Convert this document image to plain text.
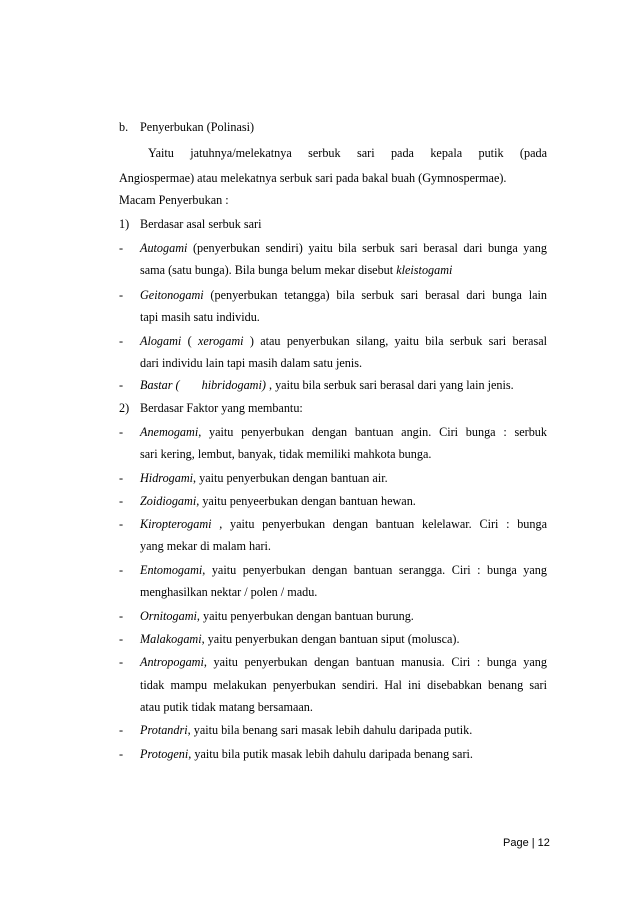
b. Penyerbukan (Polinasi)
Yaitu jatuhnya/melekatnya serbuk sari pada kepala putik (pada
Angiospermae) atau melekatnya serbuk sari pada bakal buah (Gymnospermae).
Macam Penyerbukan :
1) Berdasar asal serbuk sari
- Autogami (penyerbukan sendiri) yaitu bila serbuk sari berasal dari bunga yang
sama (satu bunga). Bila bunga belum mekar disebut kleistogami
- Geitonogami (penyerbukan tetangga) bila serbuk sari berasal dari bunga lain
tapi masih satu individu.
- Alogami ( xerogami ) atau penyerbukan silang, yaitu bila serbuk sari berasal
dari individu lain tapi masih dalam satu jenis.
- Bastar ( hibridogami) , yaitu bila serbuk sari berasal dari yang lain jenis.
2) Berdasar Faktor yang membantu:
- Anemogami, yaitu penyerbukan dengan bantuan angin. Ciri bunga : serbuk
sari kering, lembut, banyak, tidak memiliki mahkota bunga.
- Hidrogami, yaitu penyerbukan dengan bantuan air.
- Zoidiogami, yaitu penyeerbukan dengan bantuan hewan.
- Kiropterogami , yaitu penyerbukan dengan bantuan kelelawar. Ciri : bunga
yang mekar di malam hari.
- Entomogami, yaitu penyerbukan dengan bantuan serangga. Ciri : bunga yang
menghasilkan nektar / polen / madu.
- Ornitogami, yaitu penyerbukan dengan bantuan burung.
- Malakogami, yaitu penyerbukan dengan bantuan siput (molusca).
- Antropogami, yaitu penyerbukan dengan bantuan manusia. Ciri : bunga yang
tidak mampu melakukan penyerbukan sendiri. Hal ini disebabkan benang sari
atau putik tidak matang bersamaan.
- Protandri, yaitu bila benang sari masak lebih dahulu daripada putik.
- Protogeni, yaitu bila putik masak lebih dahulu daripada benang sari.
Page | 12
